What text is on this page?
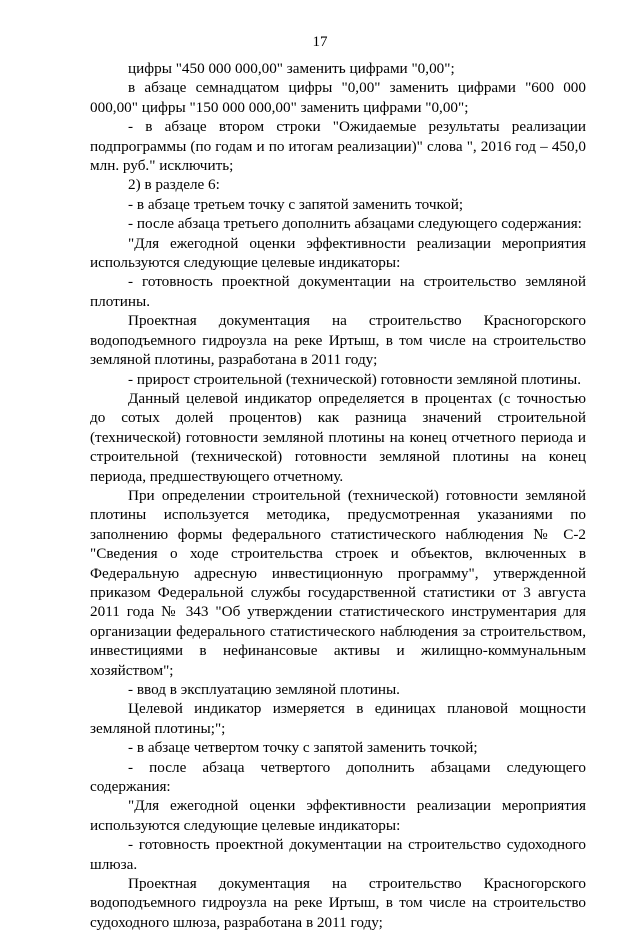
17

цифры "450 000 000,00" заменить цифрами "0,00";

в абзаце семнадцатом цифры "0,00" заменить цифрами "600 000 000,00" цифры "150 000 000,00" заменить цифрами "0,00";

- в абзаце втором строки "Ожидаемые результаты реализации подпрограммы (по годам и по итогам реализации)" слова ", 2016 год – 450,0 млн. руб." исключить;

2) в разделе 6:

- в абзаце третьем точку с запятой заменить точкой;

- после абзаца третьего дополнить абзацами следующего содержания:

"Для ежегодной оценки эффективности реализации мероприятия используются следующие целевые индикаторы:

- готовность проектной документации на строительство земляной плотины.

Проектная документация на строительство Красногорского водоподъемного гидроузла на реке Иртыш, в том числе на строительство земляной плотины, разработана в 2011 году;

- прирост строительной (технической) готовности земляной плотины.

Данный целевой индикатор определяется в процентах (с точностью до сотых долей процентов) как разница значений строительной (технической) готовности земляной плотины на конец отчетного периода и строительной (технической) готовности земляной плотины на конец периода, предшествующего отчетному.

При определении строительной (технической) готовности земляной плотины используется методика, предусмотренная указаниями по заполнению формы федерального статистического наблюдения № С-2 "Сведения о ходе строительства строек и объектов, включенных в Федеральную адресную инвестиционную программу", утвержденной приказом Федеральной службы государственной статистики от 3 августа 2011 года № 343 "Об утверждении статистического инструментария для организации федерального статистического наблюдения за строительством, инвестициями в нефинансовые активы и жилищно-коммунальным хозяйством";

- ввод в эксплуатацию земляной плотины.

Целевой индикатор измеряется в единицах плановой мощности земляной плотины;";

- в абзаце четвертом точку с запятой заменить точкой;

- после абзаца четвертого дополнить абзацами следующего содержания:

"Для ежегодной оценки эффективности реализации мероприятия используются следующие целевые индикаторы:

- готовность проектной документации на строительство судоходного шлюза.

Проектная документация на строительство Красногорского водоподъемного гидроузла на реке Иртыш, в том числе на строительство судоходного шлюза, разработана в 2011 году;
